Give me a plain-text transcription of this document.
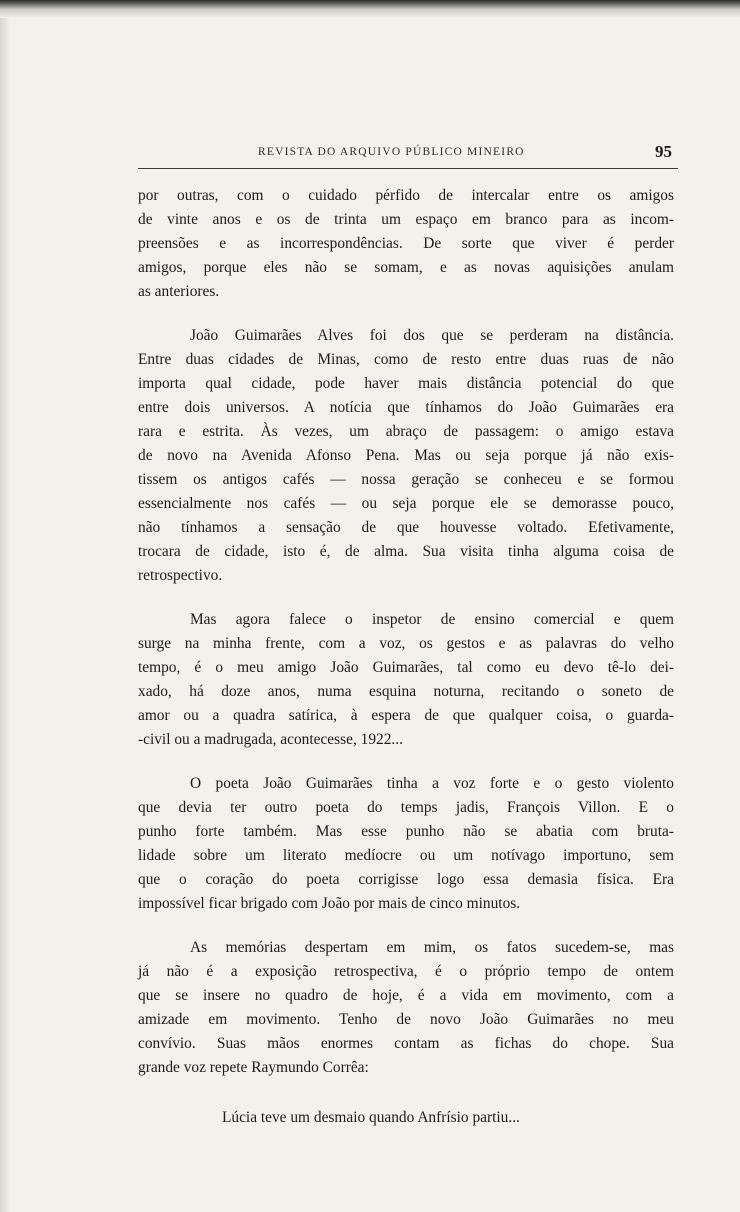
REVISTA DO ARQUIVO PÚBLICO MINEIRO	95
por outras, com o cuidado pérfido de intercalar entre os amigos
de vinte anos e os de trinta um espaço em branco para as incom-
preensões e as incorrespondências. De sorte que viver é perder
amigos, porque eles não se somam, e as novas aquisições anulam
as anteriores.
João Guimarães Alves foi dos que se perderam na distância.
Entre duas cidades de Minas, como de resto entre duas ruas de não
importa qual cidade, pode haver mais distância potencial do que
entre dois universos. A notícia que tínhamos do João Guimarães era
rara e estrita. Às vezes, um abraço de passagem: o amigo estava
de novo na Avenida Afonso Pena. Mas ou seja porque já não exis-
tissem os antigos cafés — nossa geração se conheceu e se formou
essencialmente nos cafés — ou seja porque ele se demorasse pouco,
não tínhamos a sensação de que houvesse voltado. Efetivamente,
trocara de cidade, isto é, de alma. Sua visita tinha alguma coisa de
retrospectivo.
Mas agora falece o inspetor de ensino comercial e quem
surge na minha frente, com a voz, os gestos e as palavras do velho
tempo, é o meu amigo João Guimarães, tal como eu devo tê-lo dei-
xado, há doze anos, numa esquina noturna, recitando o soneto de
amor ou a quadra satírica, à espera de que qualquer coisa, o guarda-
-civil ou a madrugada, acontecesse, 1922...
O poeta João Guimarães tinha a voz forte e o gesto violento
que devia ter outro poeta do temps jadis, François Villon. E o
punho forte também. Mas esse punho não se abatia com bruta-
lidade sobre um literato medíocre ou um notívago importuno, sem
que o coração do poeta corrigisse logo essa demasia física. Era
impossível ficar brigado com João por mais de cinco minutos.
As memórias despertam em mim, os fatos sucedem-se, mas
já não é a exposição retrospectiva, é o próprio tempo de ontem
que se insere no quadro de hoje, é a vida em movimento, com a
amizade em movimento. Tenho de novo João Guimarães no meu
convívio. Suas mãos enormes contam as fichas do chope. Sua
grande voz repete Raymundo Corrêa:
Lúcia teve um desmaio quando Anfrísio partiu...
